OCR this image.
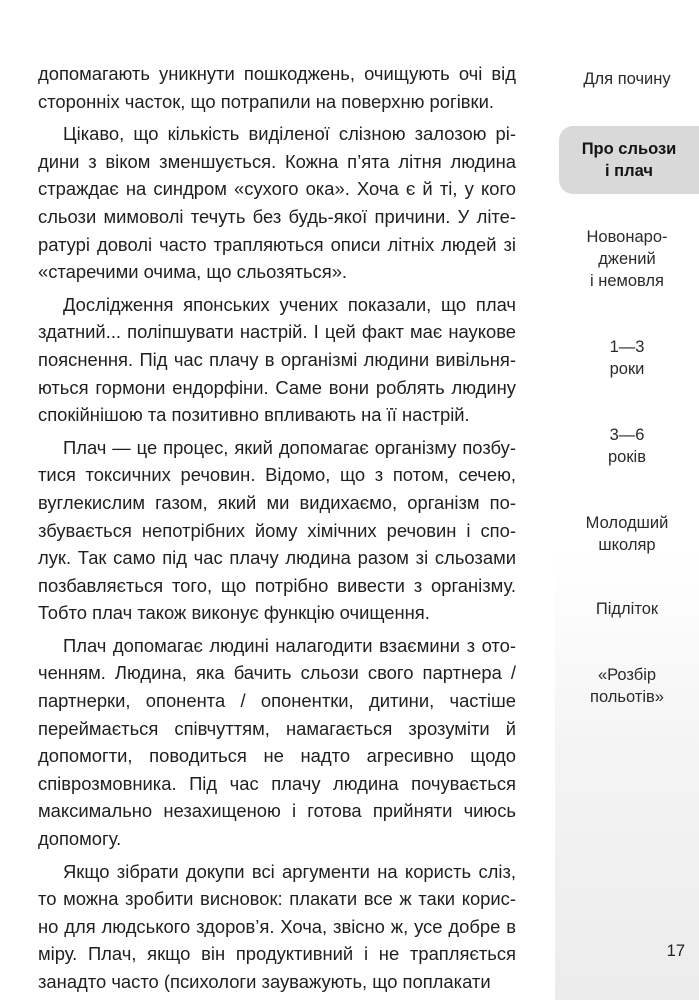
допомагають уникнути пошкоджень, очищують очі від сторонніх часток, що потрапили на поверхню рогівки.

Цікаво, що кількість виділеної слізною залозою рі- дини з віком зменшується. Кожна п’ята літня людина страждає на синдром «сухого ока». Хоча є й ті, у кого сльози мимоволі течуть без будь-якої причини. У літе- ратурі доволі часто трапляються описи літніх людей зі «старечими очима, що сльозяться».

Дослідження японських учених показали, що плач здатний... поліпшувати настрій. І цей факт має наукове пояснення. Під час плачу в організмі людини вивільня- ються гормони ендорфіни. Саме вони роблять людину спокійнішою та позитивно впливають на її настрій.

Плач — це процес, який допомагає організму позбу- тися токсичних речовин. Відомо, що з потом, сечею, вуглекислим газом, який ми видихаємо, організм по- збувається непотрібних йому хімічних речовин і спо- лук. Так само під час плачу людина разом зі сльозами позбавляється того, що потрібно вивести з організму. Тобто плач також виконує функцію очищення.

Плач допомагає людині налагодити взаємини з ото- ченням. Людина, яка бачить сльози свого партнера / партнерки, опонента / опонентки, дитини, частіше переймається співчуттям, намагається зрозуміти й допомогти, поводиться не надто агресивно щодо співрозмовника. Під час плачу людина почувається максимально незахищеною і готова прийняти чиюсь допомогу.

Якщо зібрати докупи всі аргументи на користь сліз, то можна зробити висновок: плакати все ж таки корис- но для людського здоров’я. Хоча, звісно ж, усе добре в міру. Плач, якщо він продуктивний і не трапляється занадто часто (психологи зауважують, що поплакати

Для почину
Про сльози
і плач
Новонаро-
джений
і немовля
1—3
роки
3—6
років
Молодший
школяр
Підліток
«Розбір
польотів»
17
